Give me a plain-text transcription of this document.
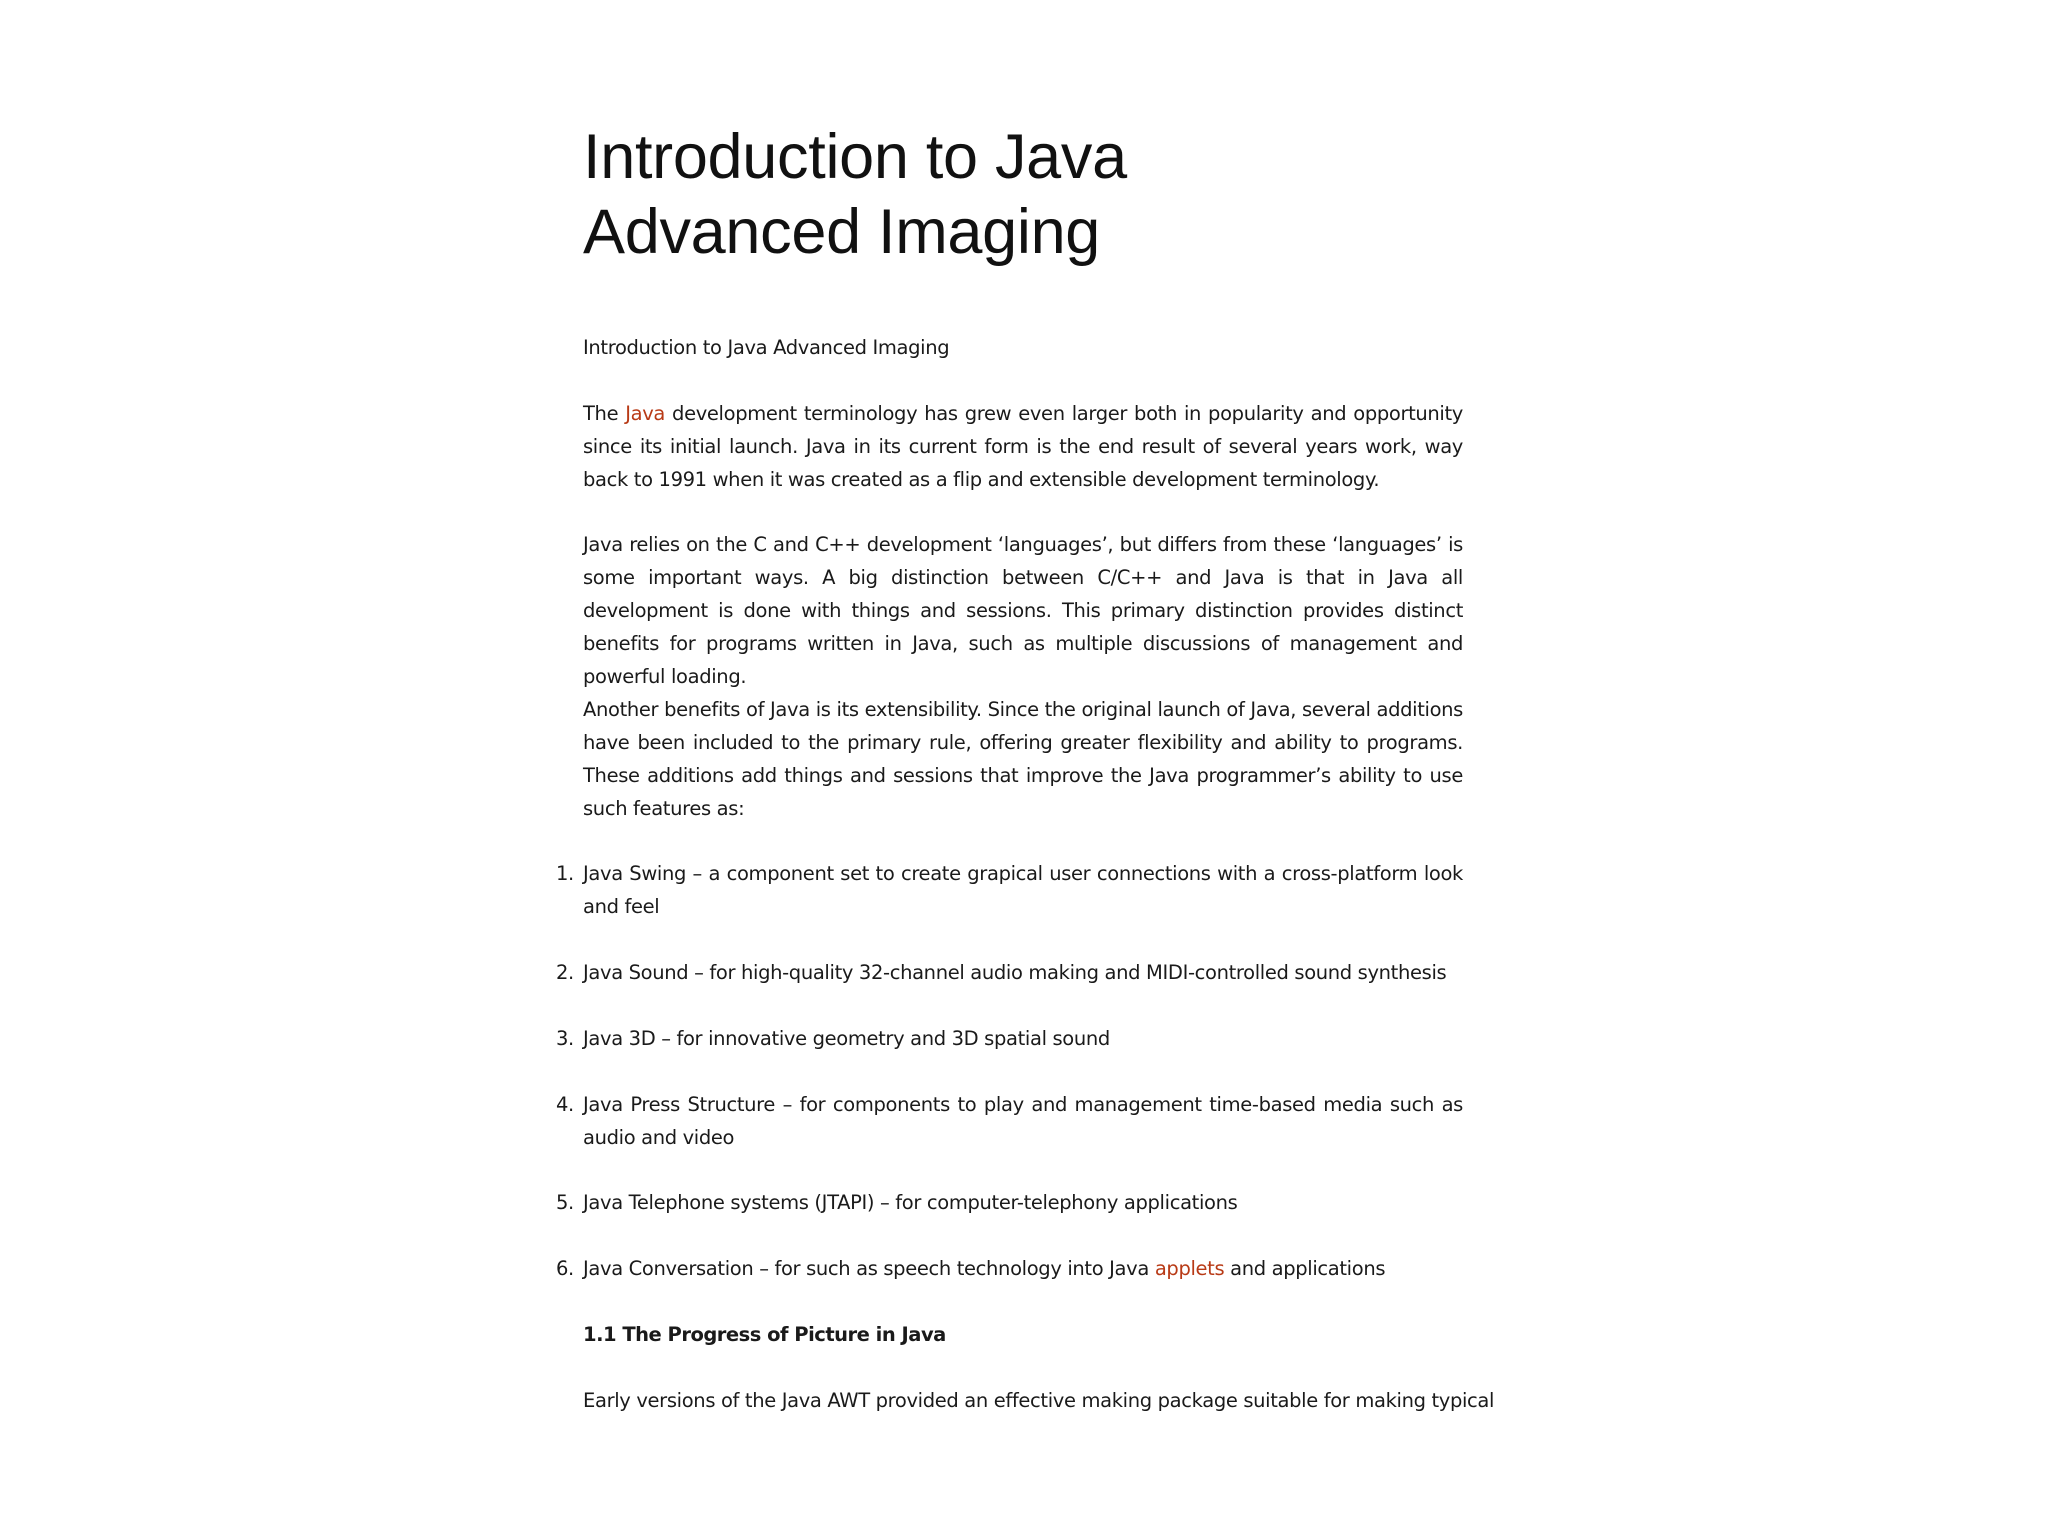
Introduction to Java
Advanced Imaging
Introduction to Java Advanced Imaging

The Java development terminology has grew even larger both in popularity and opportunity since its initial launch. Java in its current form is the end result of several years work, way back to 1991 when it was created as a flip and extensible development terminology.

Java relies on the C and C++ development ‘languages’, but differs from these ‘languages’ is some important ways. A big distinction between C/C++ and Java is that in Java all development is done with things and sessions. This primary distinction provides distinct benefits for programs written in Java, such as multiple discussions of management and powerful loading.

Another benefits of Java is its extensibility. Since the original launch of Java, several additions have been included to the primary rule, offering greater flexibility and ability to programs. These additions add things and sessions that improve the Java programmer’s ability to use such features as:

1. Java Swing – a component set to create grapical user connections with a cross-platform look and feel
2. Java Sound – for high-quality 32-channel audio making and MIDI-controlled sound synthesis
3. Java 3D – for innovative geometry and 3D spatial sound
4. Java Press Structure – for components to play and management time-based media such as audio and video
5. Java Telephone systems (JTAPI) – for computer-telephony applications
6. Java Conversation – for such as speech technology into Java applets and applications
1.1 The Progress of Picture in Java

Early versions of the Java AWT provided an effective making package suitable for making typical
